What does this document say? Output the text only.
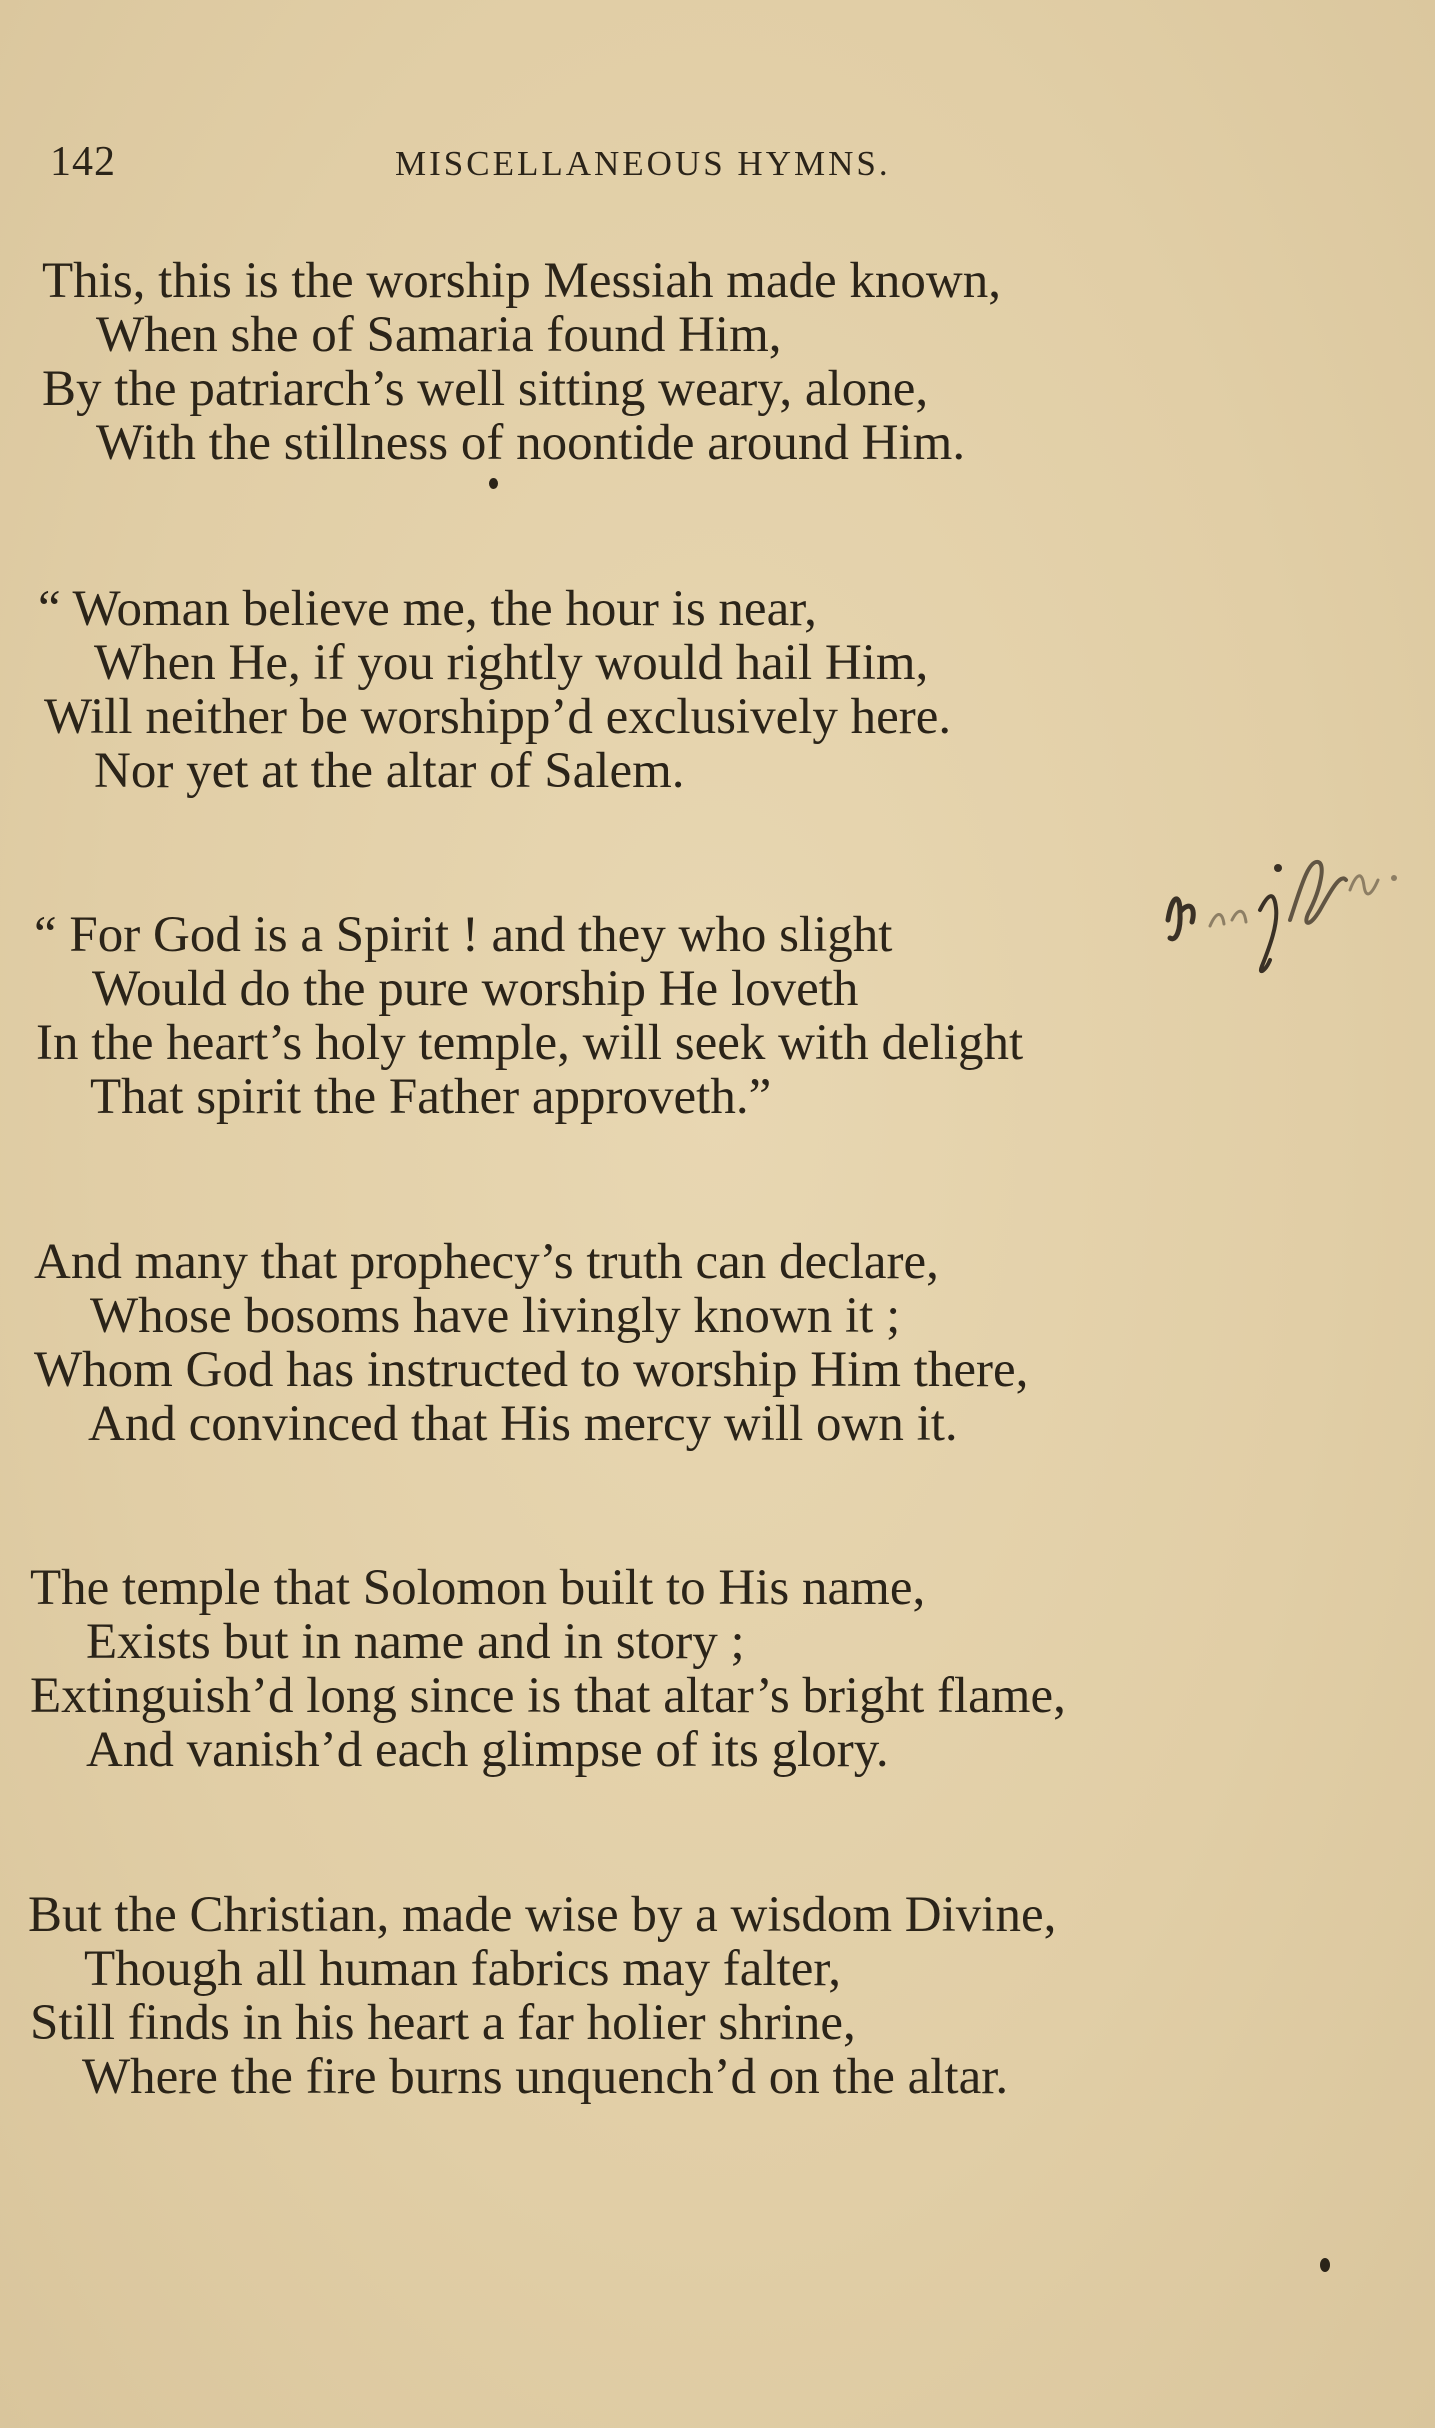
142	MISCELLANEOUS HYMNS.
This, this is the worship Messiah made known,
When she of Samaria found Him,
By the patriarch’s well sitting weary, alone,
With the stillness of noontide around Him.
“ Woman believe me, the hour is near,
When He, if you rightly would hail Him,
Will neither be worshipp’d exclusively here.
Nor yet at the altar of Salem.
“ For God is a Spirit ! and they who slight
Would do the pure worship He loveth
In the heart’s holy temple, will seek with delight
That spirit the Father approveth.”
And many that prophecy’s truth can declare,
Whose bosoms have livingly known it ;
Whom God has instructed to worship Him there,
And convinced that His mercy will own it.
The temple that Solomon built to His name,
Exists but in name and in story ;
Extinguish’d long since is that altar’s bright flame,
And vanish’d each glimpse of its glory.
But the Christian, made wise by a wisdom Divine,
Though all human fabrics may falter,
Still finds in his heart a far holier shrine,
Where the fire burns unquench’d on the altar.
